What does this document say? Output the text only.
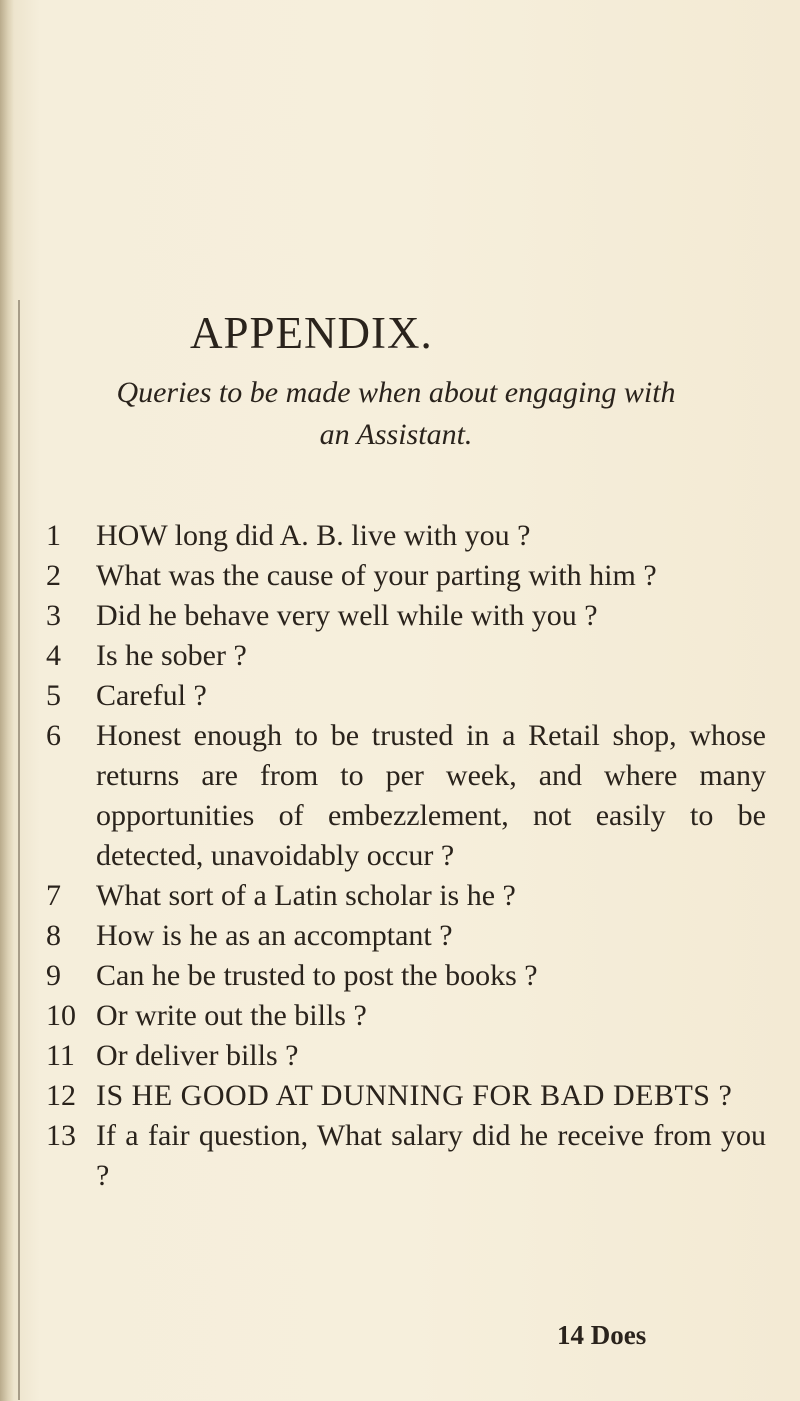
APPENDIX.
Queries to be made when about engaging with
an Assistant.
1	HOW long did A. B. live with you ?
2	What was the cause of your parting with him ?
3	Did he behave very well while with you ?
4	Is he sober ?
5	Careful ?
6	Honest enough to be trusted in a Retail shop, whose returns are from to per week, and where many opportunities of embezzlement, not easily to be detected, unavoidably occur ?
7	What sort of a Latin scholar is he ?
8	How is he as an accomptant ?
9	Can he be trusted to post the books ?
10 Or write out the bills ?
11 Or deliver bills ?
12 IS HE GOOD AT DUNNING FOR BAD DEBTS ?
13 If a fair question, What salary did he receive from you ?
14 Does
